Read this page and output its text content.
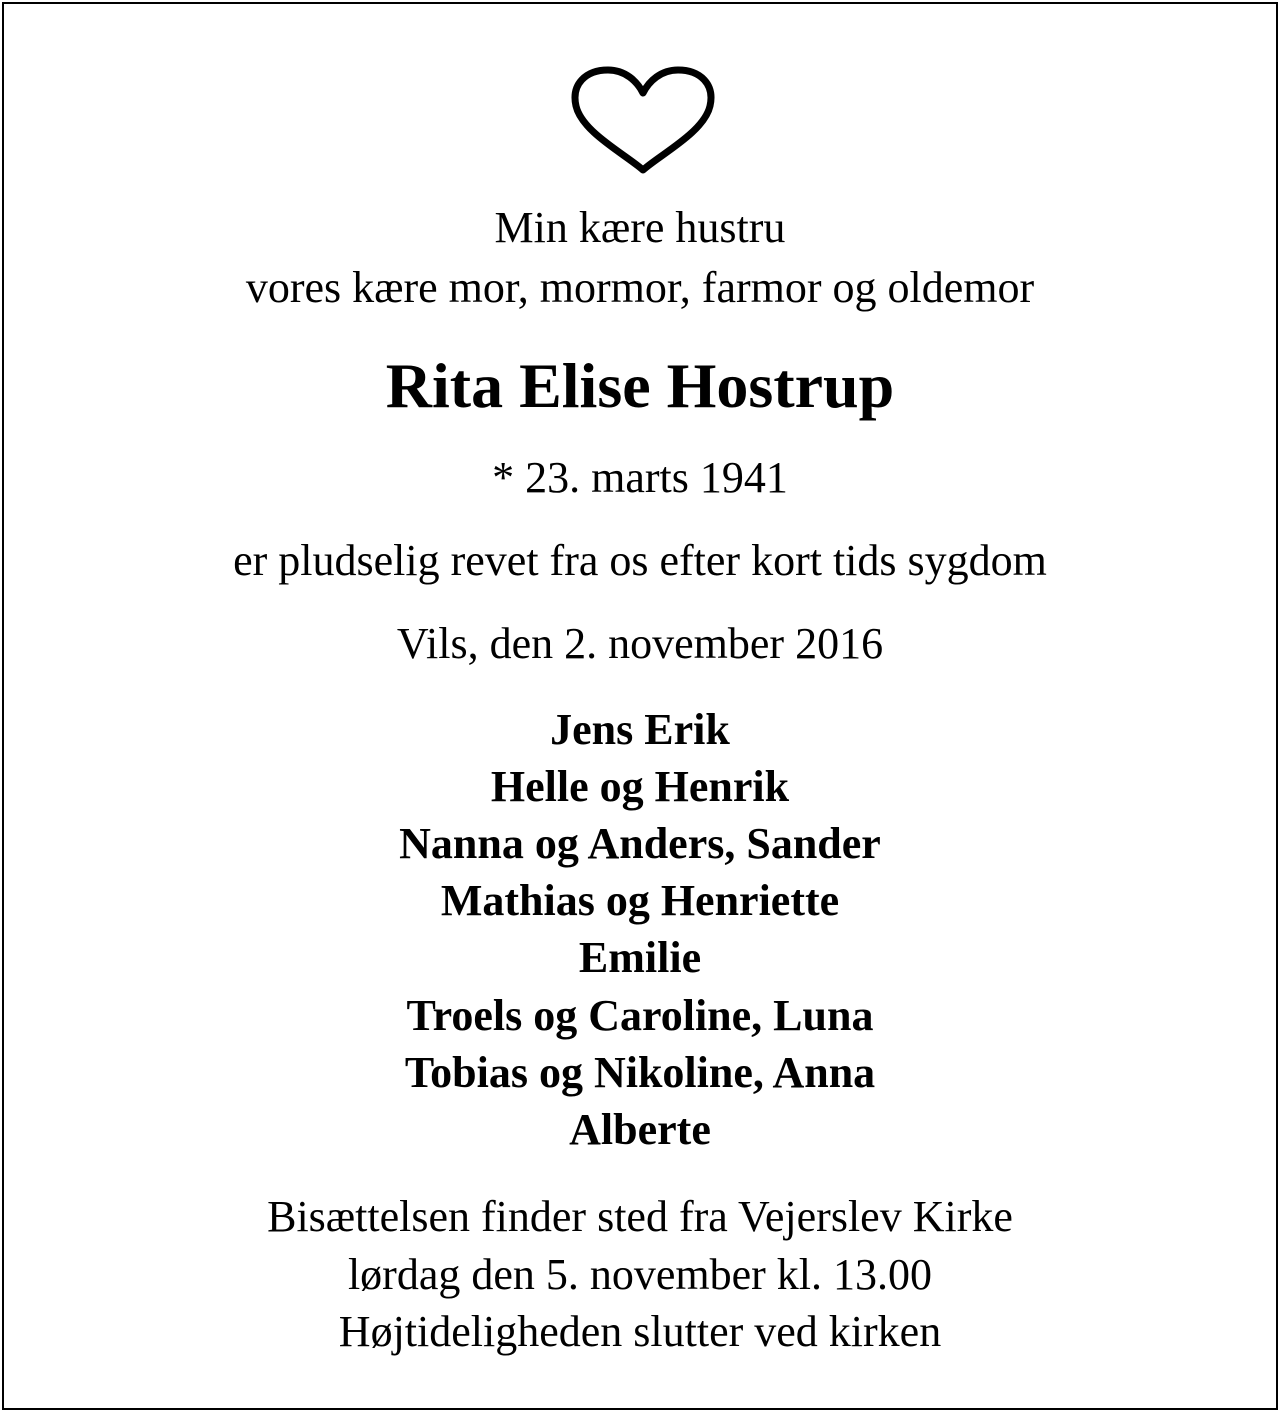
Min kære hustru
vores kære mor, mormor, farmor og oldemor
Rita Elise Hostrup
* 23. marts 1941
er pludselig revet fra os efter kort tids sygdom
Vils, den 2. november 2016
Jens Erik
Helle og Henrik
Nanna og Anders, Sander
Mathias og Henriette
Emilie
Troels og Caroline, Luna
Tobias og Nikoline, Anna
Alberte
Bisættelsen finder sted fra Vejerslev Kirke
lørdag den 5. november kl. 13.00
Højtideligheden slutter ved kirken
